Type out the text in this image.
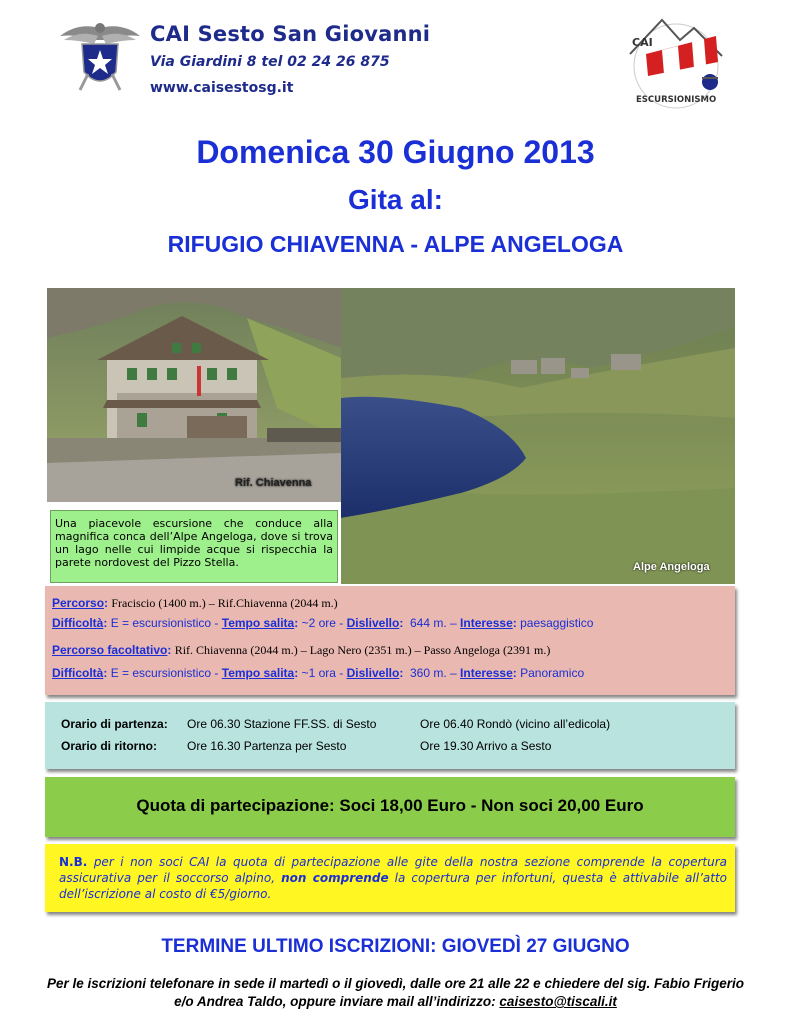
CAI Sesto San Giovanni
Via Giardini 8 tel 02 24 26 875
www.caisestosg.it
CAI
ESCURSIONISMO
Domenica 30 Giugno 2013
Gita al:
RIFUGIO CHIAVENNA - ALPE ANGELOGA
Rif. Chiavenna
Alpe Angeloga
Una piacevole escursione che conduce alla magnifica conca dell’Alpe Angeloga, dove si trova un lago nelle cui limpide acque si rispecchia la parete nordovest del Pizzo Stella.
Percorso: Fraciscio (1400 m.) – Rif.Chiavenna (2044 m.)
Difficoltà: E = escursionistico - Tempo salita: ~2 ore - Dislivello: 644 m. – Interesse: paesaggistico
Percorso facoltativo: Rif. Chiavenna (2044 m.) – Lago Nero (2351 m.) – Passo Angeloga (2391 m.)
Difficoltà: E = escursionistico - Tempo salita: ~1 ora - Dislivello: 360 m. – Interesse: Panoramico
Orario di partenza: Ore 06.30 Stazione FF.SS. di Sesto	Ore 06.40 Rondò (vicino all’edicola)
Orario di ritorno:	Ore 16.30 Partenza per Sesto	Ore 19.30 Arrivo a Sesto
Quota di partecipazione: Soci 18,00 Euro - Non soci 20,00 Euro
N.B. per i non soci CAI la quota di partecipazione alle gite della nostra sezione comprende la copertura assicurativa per il soccorso alpino, non comprende la copertura per infortuni, questa è attivabile all’atto dell’iscrizione al costo di €5/giorno.
TERMINE ULTIMO ISCRIZIONI: GIOVEDÌ 27 GIUGNO
Per le iscrizioni telefonare in sede il martedì o il giovedì, dalle ore 21 alle 22 e chiedere del sig. Fabio Frigerio e/o Andrea Taldo, oppure inviare mail all’indirizzo: caisesto@tiscali.it
